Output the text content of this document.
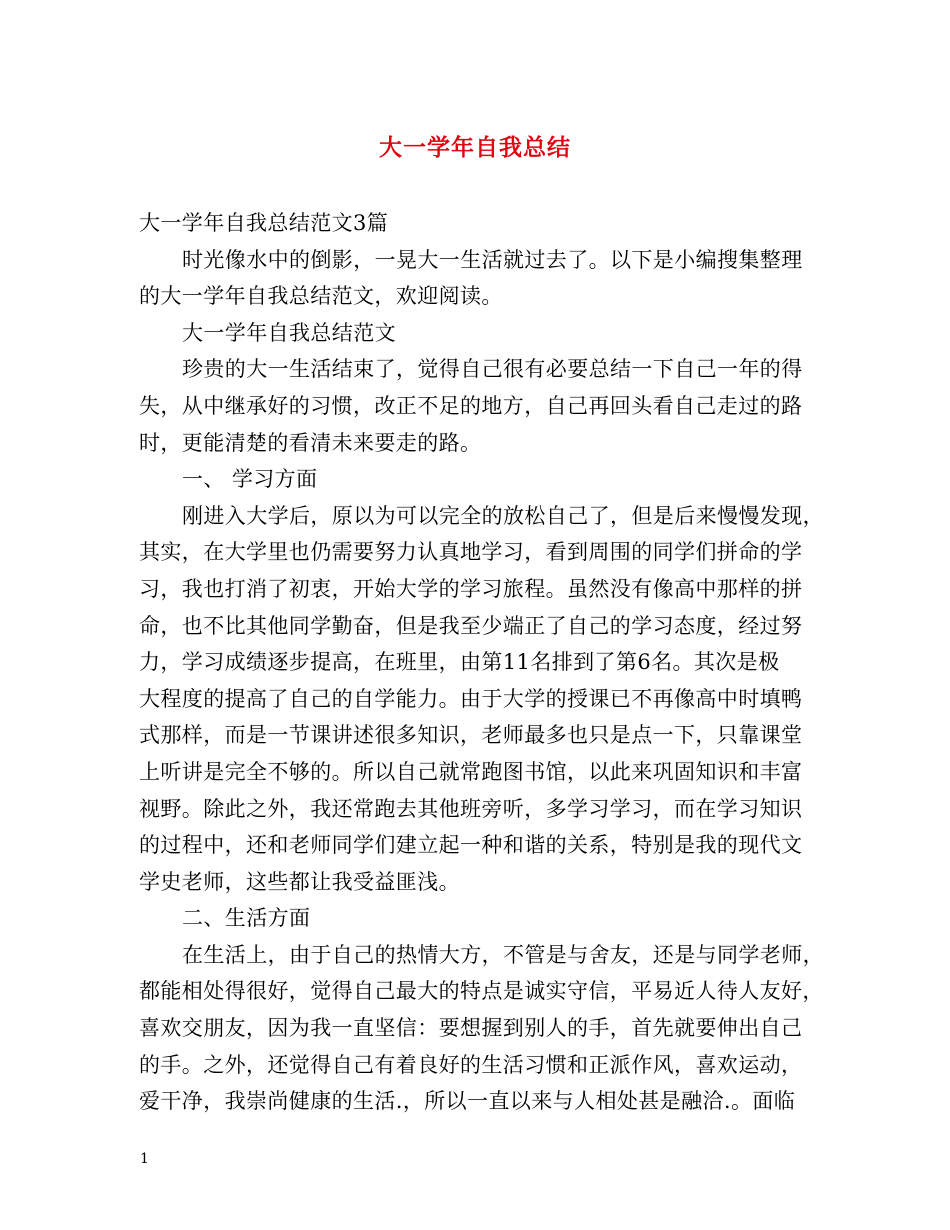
大一学年自我总结
大一学年自我总结范文3篇
时光像水中的倒影，一晃大一生活就过去了。以下是小编搜集整理
的大一学年自我总结范文，欢迎阅读。
大一学年自我总结范文
珍贵的大一生活结束了，觉得自己很有必要总结一下自己一年的得
失，从中继承好的习惯，改正不足的地方，自己再回头看自己走过的路
时，更能清楚的看清未来要走的路。
一、 学习方面
刚进入大学后，原以为可以完全的放松自己了，但是后来慢慢发现，
其实，在大学里也仍需要努力认真地学习，看到周围的同学们拼命的学
习，我也打消了初衷，开始大学的学习旅程。虽然没有像高中那样的拼
命，也不比其他同学勤奋，但是我至少端正了自己的学习态度，经过努
力，学习成绩逐步提高，在班里，由第11名排到了第6名。其次是极
大程度的提高了自己的自学能力。由于大学的授课已不再像高中时填鸭
式那样，而是一节课讲述很多知识，老师最多也只是点一下，只靠课堂
上听讲是完全不够的。所以自己就常跑图书馆，以此来巩固知识和丰富
视野。除此之外，我还常跑去其他班旁听，多学习学习，而在学习知识
的过程中，还和老师同学们建立起一种和谐的关系，特别是我的现代文
学史老师，这些都让我受益匪浅。
二、生活方面
在生活上，由于自己的热情大方，不管是与舍友，还是与同学老师，
都能相处得很好，觉得自己最大的特点是诚实守信，平易近人待人友好，
喜欢交朋友，因为我一直坚信：要想握到别人的手，首先就要伸出自己
的手。之外，还觉得自己有着良好的生活习惯和正派作风，喜欢运动，
爱干净，我崇尚健康的生活.，所以一直以来与人相处甚是融洽.。面临
1
